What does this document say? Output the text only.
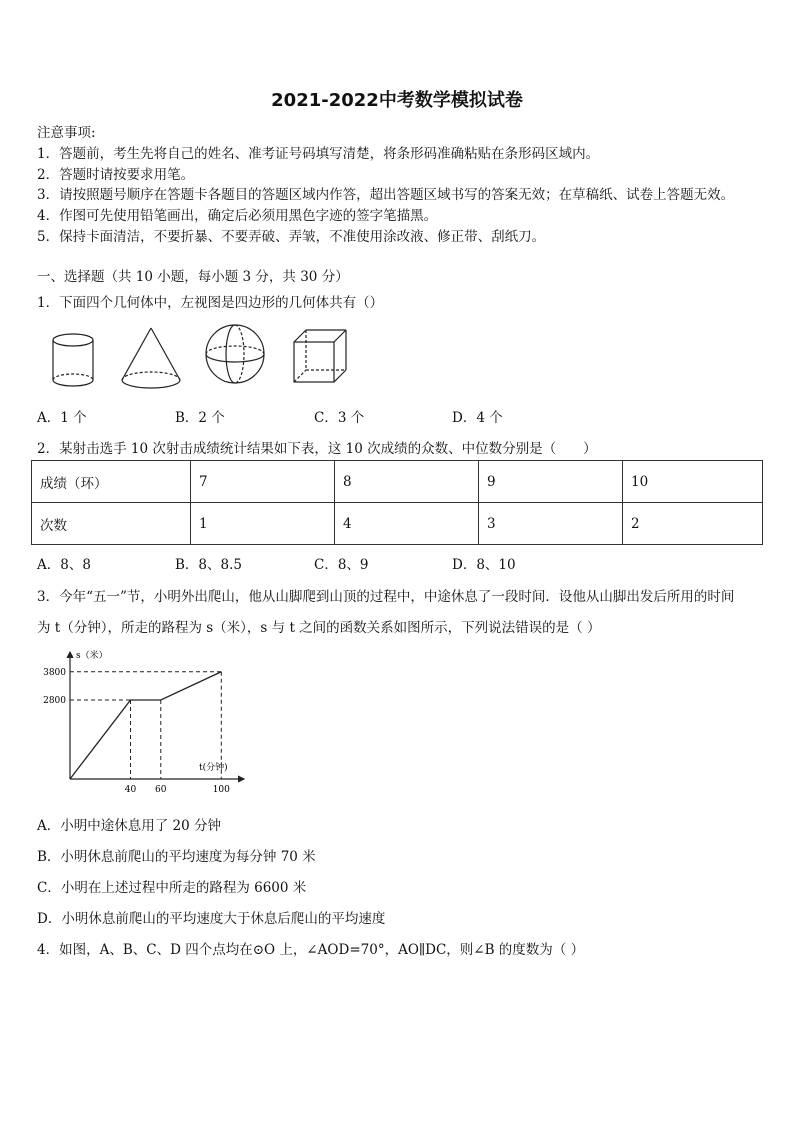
2021-2022中考数学模拟试卷
注意事项:
1．答题前，考生先将自己的姓名、准考证号码填写清楚，将条形码准确粘贴在条形码区域内。
2．答题时请按要求用笔。
3．请按照题号顺序在答题卡各题目的答题区域内作答，超出答题区域书写的答案无效；在草稿纸、试卷上答题无效。
4．作图可先使用铅笔画出，确定后必须用黑色字迹的签字笔描黑。
5．保持卡面清洁，不要折暴、不要弄破、弄皱，不准使用涂改液、修正带、刮纸刀。
一、选择题（共 10 小题，每小题 3 分，共 30 分）
1．下面四个几何体中，左视图是四边形的几何体共有（）
A．1 个	B．2 个	C．3 个	D．4 个
2．某射击选手 10 次射击成绩统计结果如下表，这 10 次成绩的众数、中位数分别是（　　）
成绩（环）	7	8	9	10
次数	1	4	3	2
A．8、8	B．8、8.5	C．8、9	D．8、10
3．今年“五一”节，小明外出爬山，他从山脚爬到山顶的过程中，中途休息了一段时间．设他从山脚出发后所用的时间
为 t（分钟），所走的路程为 s（米），s 与 t 之间的函数关系如图所示，下列说法错误的是（ ）
s（米）
t(分钟)
2800
3800
40 60	100
A．小明中途休息用了 20 分钟
B．小明休息前爬山的平均速度为每分钟 70 米
C．小明在上述过程中所走的路程为 6600 米
D．小明休息前爬山的平均速度大于休息后爬山的平均速度
4．如图，A、B、C、D 四个点均在⊙O 上，∠AOD=70°，AO∥DC，则∠B 的度数为（ ）
